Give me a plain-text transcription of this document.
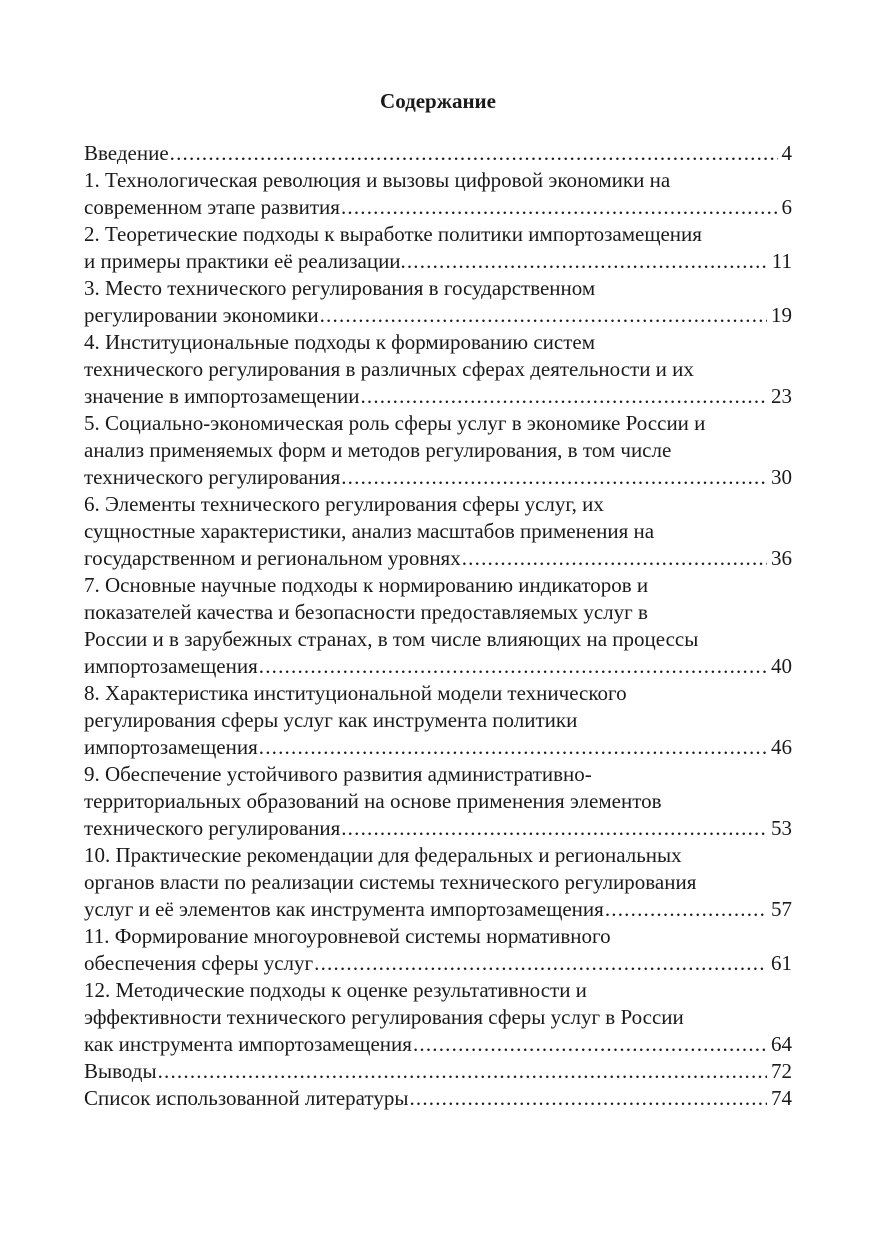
Содержание
Введение .....	4
1. Технологическая революция и вызовы цифровой экономики на
современном этапе развития .....	6
2. Теоретические подходы к выработке политики импортозамещения
и примеры практики её реализации. .....	11
3. Место технического регулирования в государственном
регулировании экономики .....	19
4. Институциональные подходы к формированию систем
технического регулирования в различных сферах деятельности и их
значение в импортозамещении .....	23
5. Социально-экономическая роль сферы услуг в экономике России и
анализ применяемых форм и методов регулирования, в том числе
технического регулирования .....	30
6. Элементы технического регулирования сферы услуг, их
сущностные характеристики, анализ масштабов применения на
государственном и региональном уровнях .....	36
7. Основные научные подходы к нормированию индикаторов и
показателей качества и безопасности предоставляемых услуг в
России и в зарубежных странах, в том числе влияющих на процессы
импортозамещения .....	40
8. Характеристика институциональной модели технического
регулирования сферы услуг как инструмента политики
импортозамещения .....	46
9. Обеспечение устойчивого развития административно-
территориальных образований на основе применения элементов
технического регулирования .....	53
10. Практические рекомендации для федеральных и региональных
органов власти по реализации системы технического регулирования
услуг и её элементов как инструмента импортозамещения .....	57
11. Формирование многоуровневой системы нормативного
обеспечения сферы услуг .....	61
12. Методические подходы к оценке результативности и
эффективности технического регулирования сферы услуг в России
как инструмента импортозамещения .....	64
Выводы .....	72
Список использованной литературы .....	74
